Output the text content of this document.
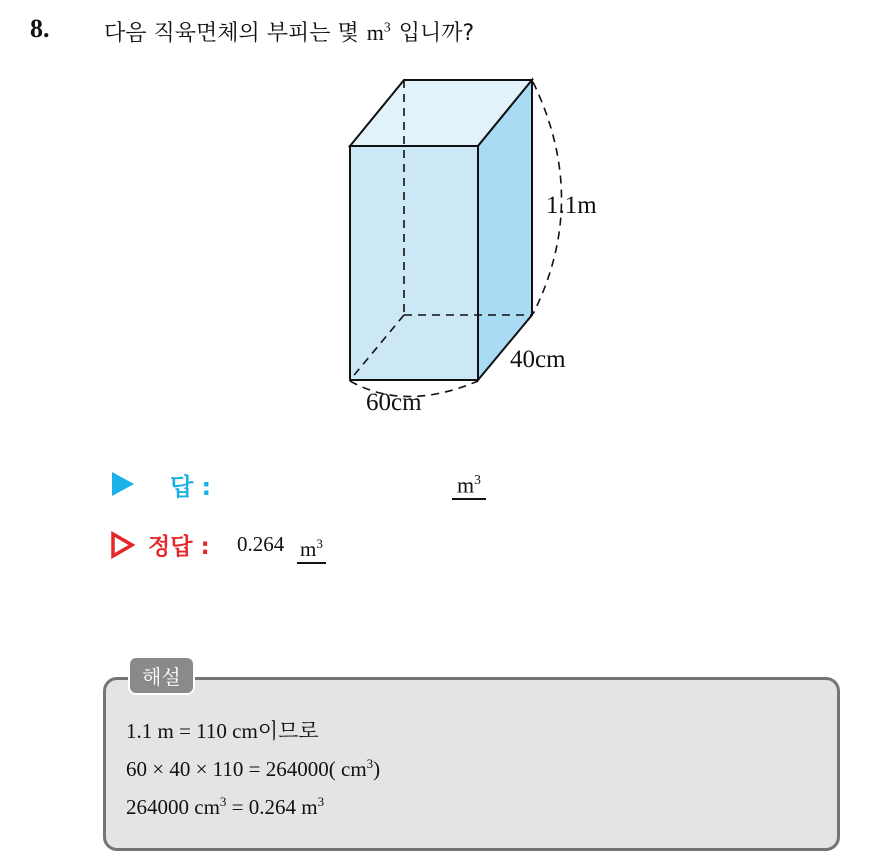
8. 다음 직육면체의 부피는 몇 $m^3$ 입니까?
1.1m
40cm
60cm
답 :	$m^3$
정답 : 0.264 $m^3$
해설
1.1 m = 110 cm이므로
60 × 40 × 110 = 264000( $cm^3$)
264000 $cm^3 = 0.264$ $m^3$
